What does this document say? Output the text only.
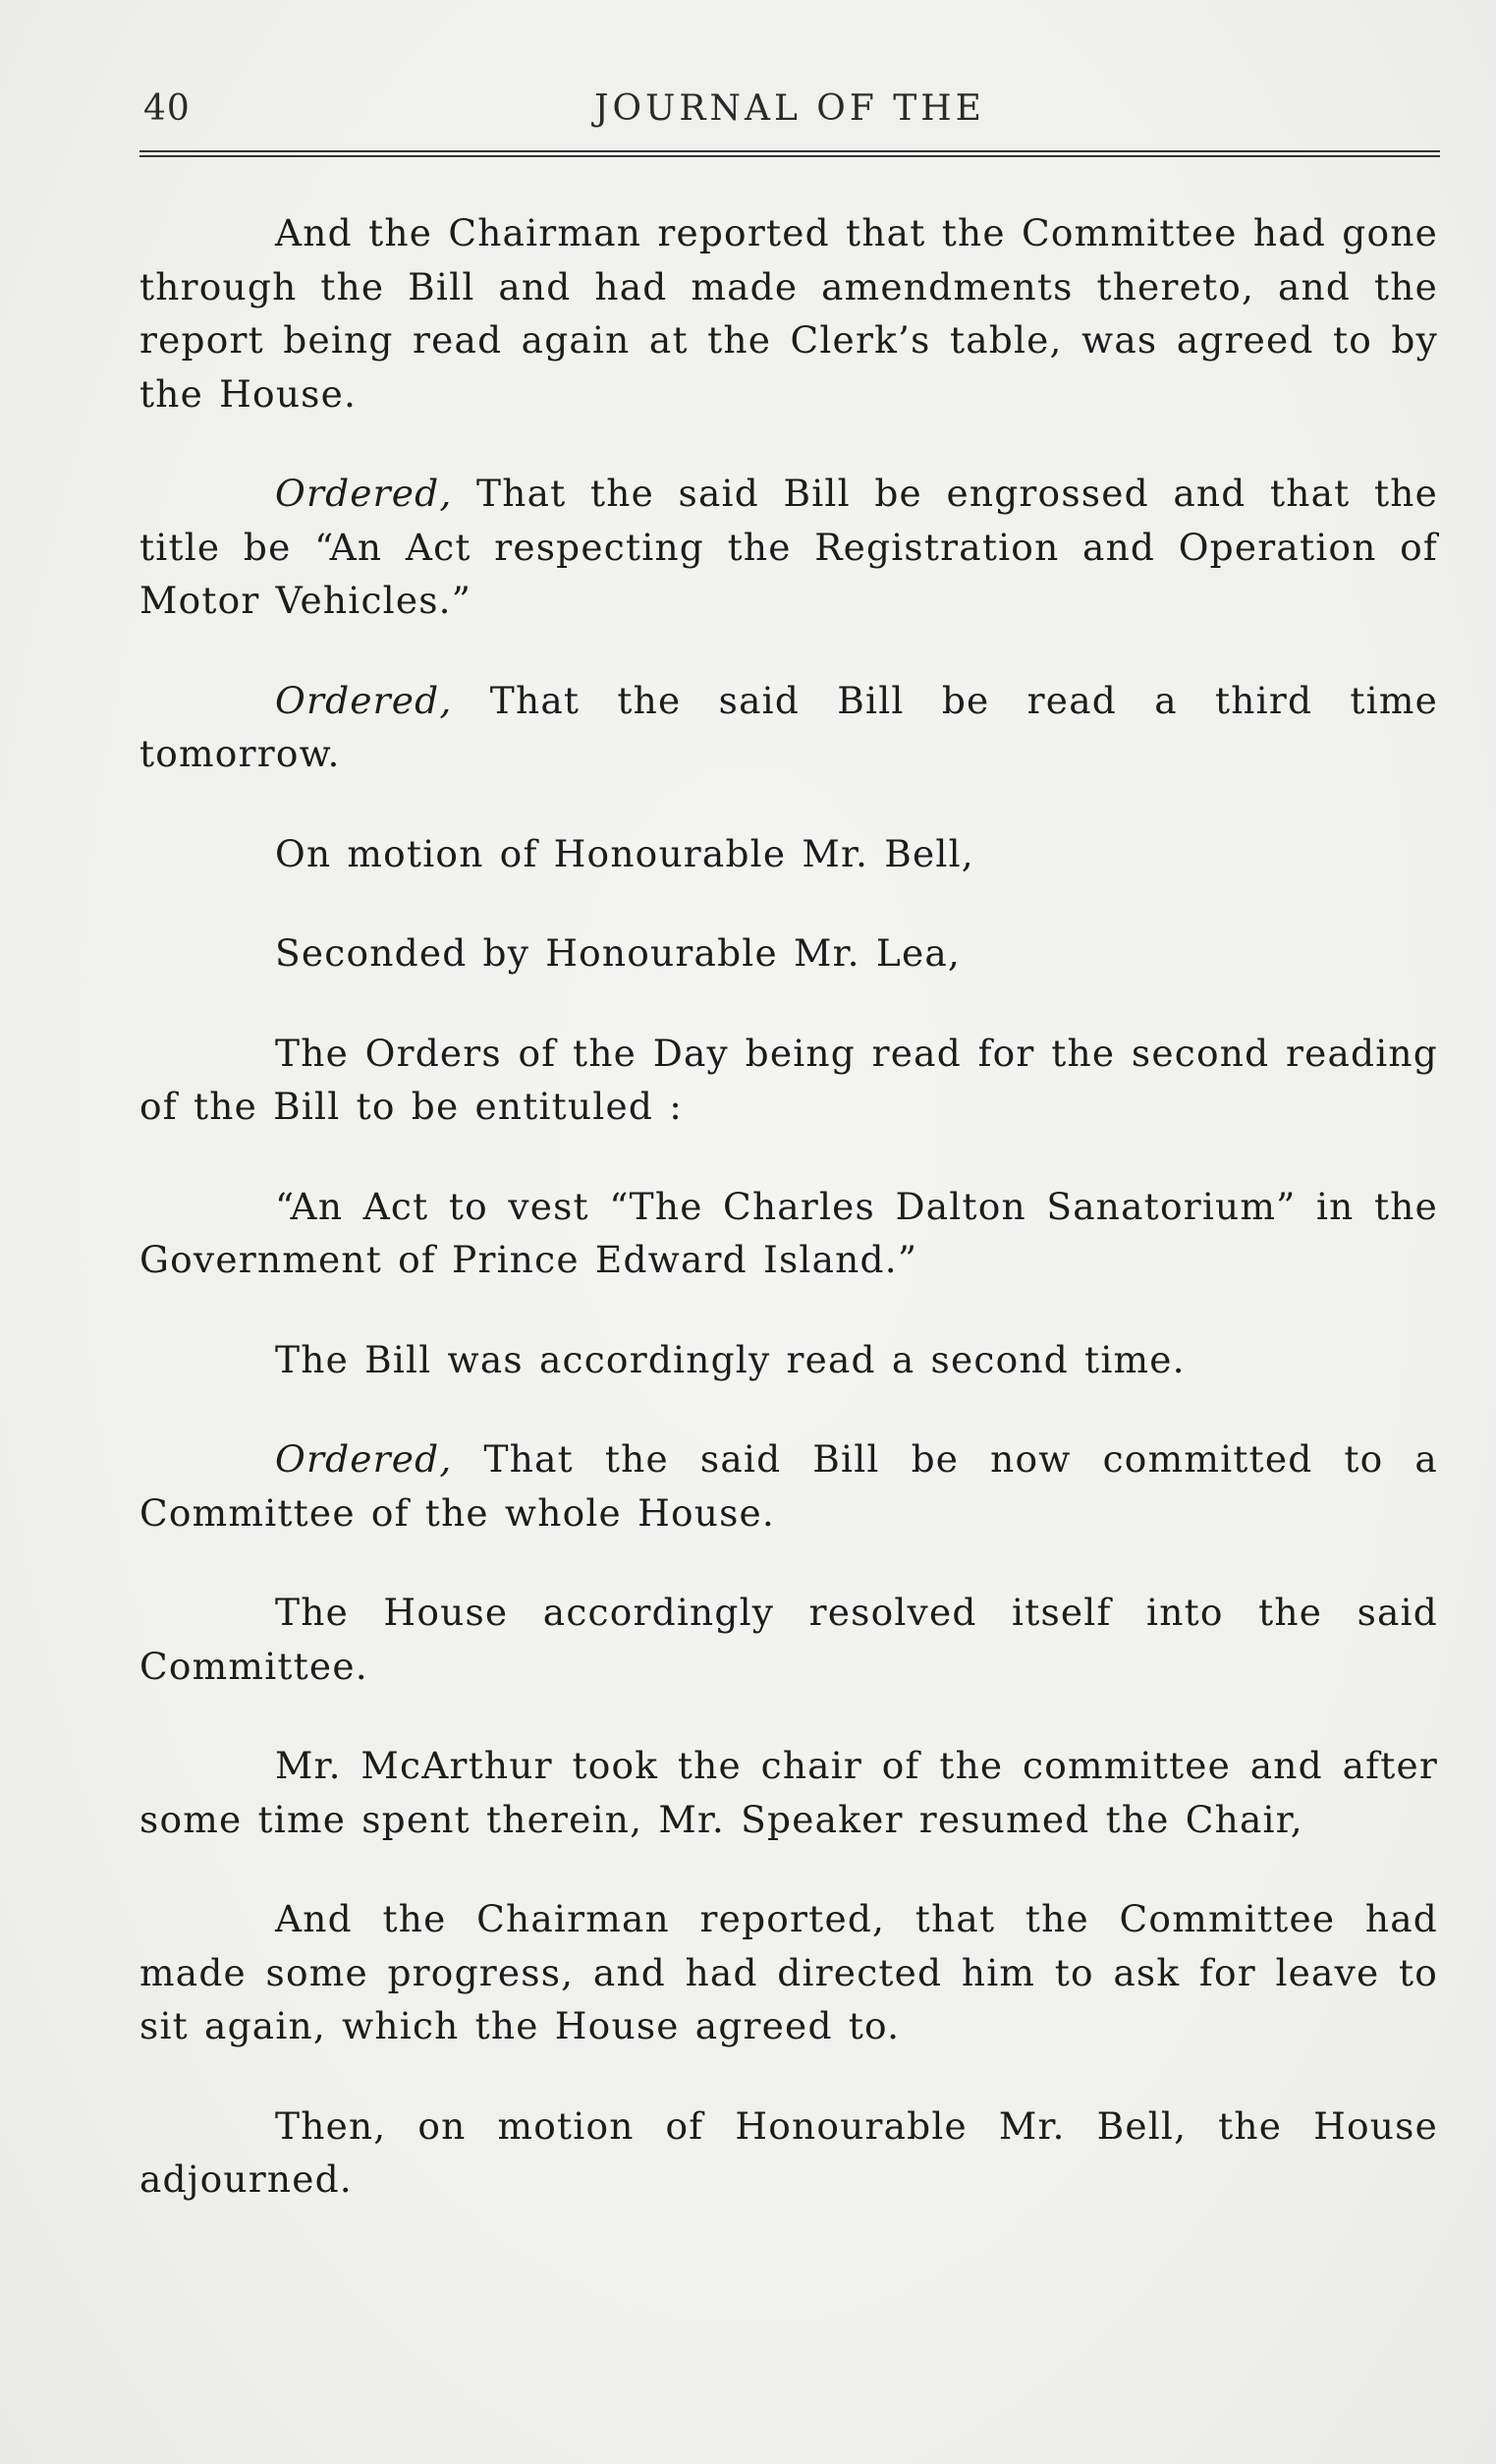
40	JOURNAL OF THE

And the Chairman reported that the Committee had gone through the Bill and had made amendments thereto, and the report being read again at the Clerk’s table, was agreed to by the House.

Ordered, That the said Bill be engrossed and that the title be “An Act respecting the Registration and Operation of Motor Vehicles.”

Ordered, That the said Bill be read a third time tomorrow.

On motion of Honourable Mr. Bell,

Seconded by Honourable Mr. Lea,

The Orders of the Day being read for the second reading of the Bill to be entituled :

“An Act to vest “The Charles Dalton Sanatorium” in the Government of Prince Edward Island.”

The Bill was accordingly read a second time.

Ordered, That the said Bill be now committed to a Committee of the whole House.

The House accordingly resolved itself into the said Committee.

Mr. McArthur took the chair of the committee and after some time spent therein, Mr. Speaker resumed the Chair,

And the Chairman reported, that the Committee had made some progress, and had directed him to ask for leave to sit again, which the House agreed to.

Then, on motion of Honourable Mr. Bell, the House adjourned.
